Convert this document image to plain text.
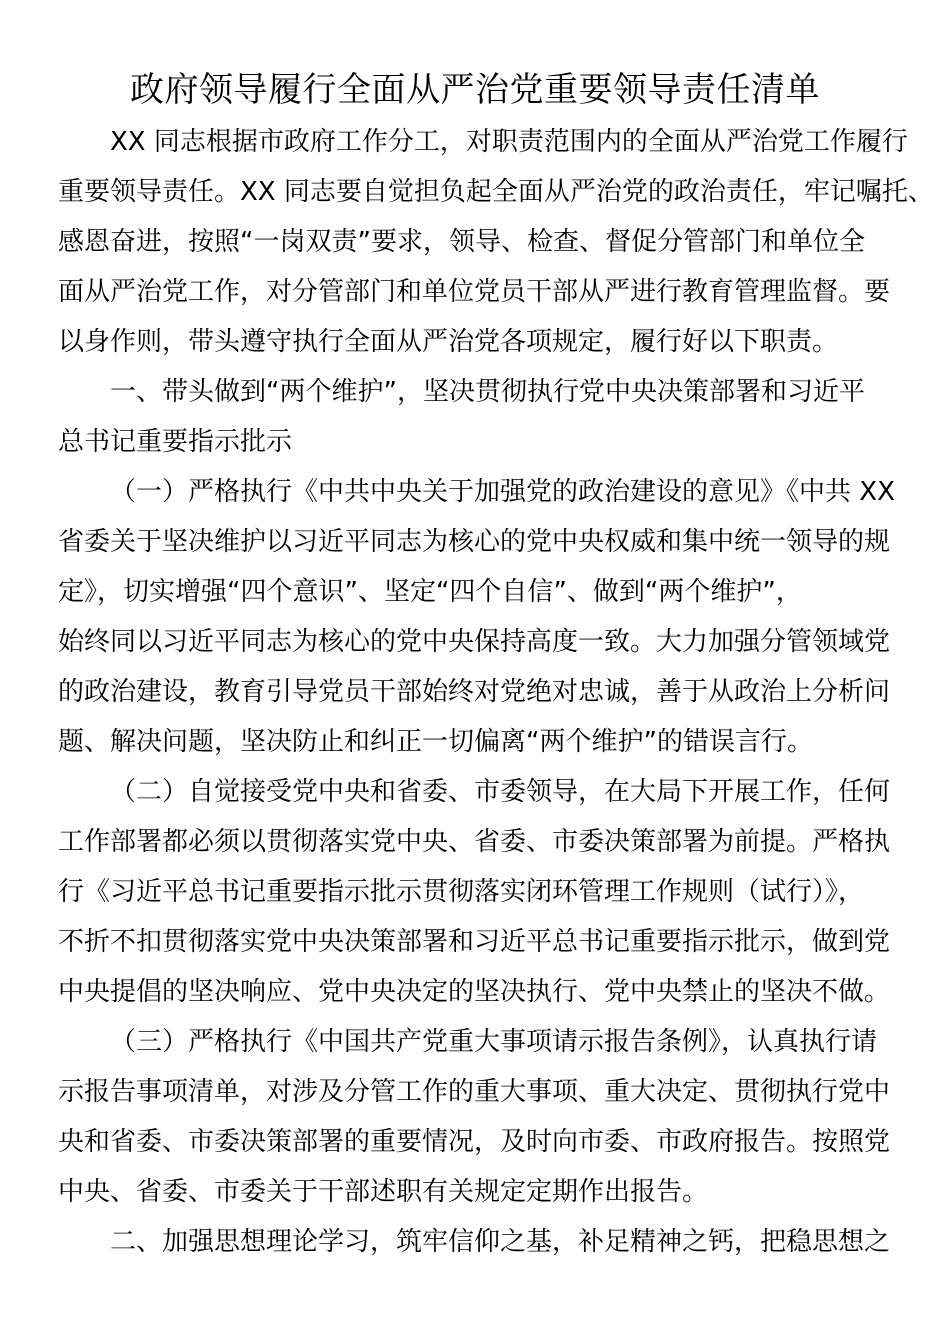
政府领导履行全面从严治党重要领导责任清单

XX 同志根据市政府工作分工，对职责范围内的全面从严治党工作履行
重要领导责任。XX 同志要自觉担负起全面从严治党的政治责任，牢记嘱托、
感恩奋进，按照“一岗双责”要求，领导、检查、督促分管部门和单位全
面从严治党工作，对分管部门和单位党员干部从严进行教育管理监督。要
以身作则，带头遵守执行全面从严治党各项规定，履行好以下职责。

一、带头做到“两个维护”，坚决贯彻执行党中央决策部署和习近平
总书记重要指示批示

（一）严格执行《中共中央关于加强党的政治建设的意见》《中共 XX
省委关于坚决维护以习近平同志为核心的党中央权威和集中统一领导的规
定》，切实增强“四个意识”、坚定“四个自信”、做到“两个维护”，
始终同以习近平同志为核心的党中央保持高度一致。大力加强分管领域党
的政治建设，教育引导党员干部始终对党绝对忠诚，善于从政治上分析问
题、解决问题，坚决防止和纠正一切偏离“两个维护”的错误言行。

（二）自觉接受党中央和省委、市委领导，在大局下开展工作，任何
工作部署都必须以贯彻落实党中央、省委、市委决策部署为前提。严格执
行《习近平总书记重要指示批示贯彻落实闭环管理工作规则（试行）》，
不折不扣贯彻落实党中央决策部署和习近平总书记重要指示批示，做到党
中央提倡的坚决响应、党中央决定的坚决执行、党中央禁止的坚决不做。

（三）严格执行《中国共产党重大事项请示报告条例》，认真执行请
示报告事项清单，对涉及分管工作的重大事项、重大决定、贯彻执行党中
央和省委、市委决策部署的重要情况，及时向市委、市政府报告。按照党
中央、省委、市委关于干部述职有关规定定期作出报告。

二、加强思想理论学习，筑牢信仰之基，补足精神之钙，把稳思想之
